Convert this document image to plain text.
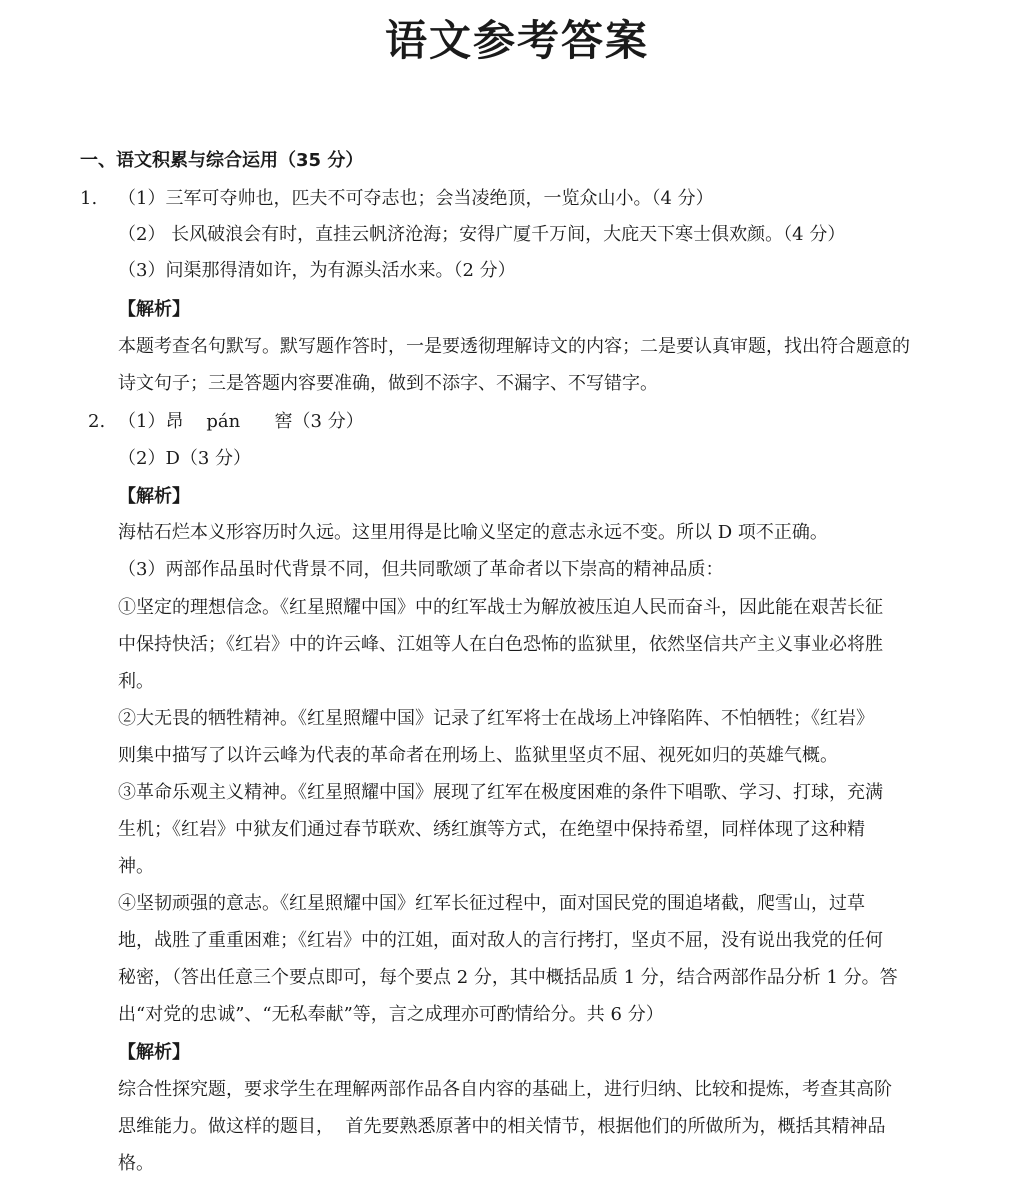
语文参考答案
一、语文积累与综合运用（35 分）
1. （1）三军可夺帅也，匹夫不可夺志也；会当凌绝顶，一览众山小。（4 分）
（2） 长风破浪会有时，直挂云帆济沧海；安得广厦千万间，大庇天下寒士俱欢颜。（4 分）
（3）问渠那得清如许，为有源头活水来。（2 分）
【解析】
本题考查名句默写。默写题作答时，一是要透彻理解诗文的内容；二是要认真审题，找出符合题意的
诗文句子；三是答题内容要准确，做到不添字、不漏字、不写错字。
2. （1）昂    pán      窖（3 分）
（2）D（3 分）
【解析】
海枯石烂本义形容历时久远。这里用得是比喻义坚定的意志永远不变。所以 D 项不正确。
（3）两部作品虽时代背景不同，但共同歌颂了革命者以下崇高的精神品质：
①坚定的理想信念。《红星照耀中国》中的红军战士为解放被压迫人民而奋斗，因此能在艰苦长征
中保持快活；《红岩》中的许云峰、江姐等人在白色恐怖的监狱里，依然坚信共产主义事业必将胜
利。
②大无畏的牺牲精神。《红星照耀中国》记录了红军将士在战场上冲锋陷阵、不怕牺牲；《红岩》
则集中描写了以许云峰为代表的革命者在刑场上、监狱里坚贞不屈、视死如归的英雄气概。
③革命乐观主义精神。《红星照耀中国》展现了红军在极度困难的条件下唱歌、学习、打球，充满
生机；《红岩》中狱友们通过春节联欢、绣红旗等方式，在绝望中保持希望，同样体现了这种精
神。
④坚韧顽强的意志。《红星照耀中国》红军长征过程中，面对国民党的围追堵截，爬雪山，过草
地，战胜了重重困难；《红岩》中的江姐，面对敌人的言行拷打，坚贞不屈，没有说出我党的任何
秘密，（答出任意三个要点即可，每个要点 2 分，其中概括品质 1 分，结合两部作品分析 1 分。答
出“对党的忠诚”、“无私奉献”等，言之成理亦可酌情给分。共 6 分）
【解析】
综合性探究题，要求学生在理解两部作品各自内容的基础上，进行归纳、比较和提炼，考查其高阶
思维能力。做这样的题目，  首先要熟悉原著中的相关情节，根据他们的所做所为，概括其精神品
格。
